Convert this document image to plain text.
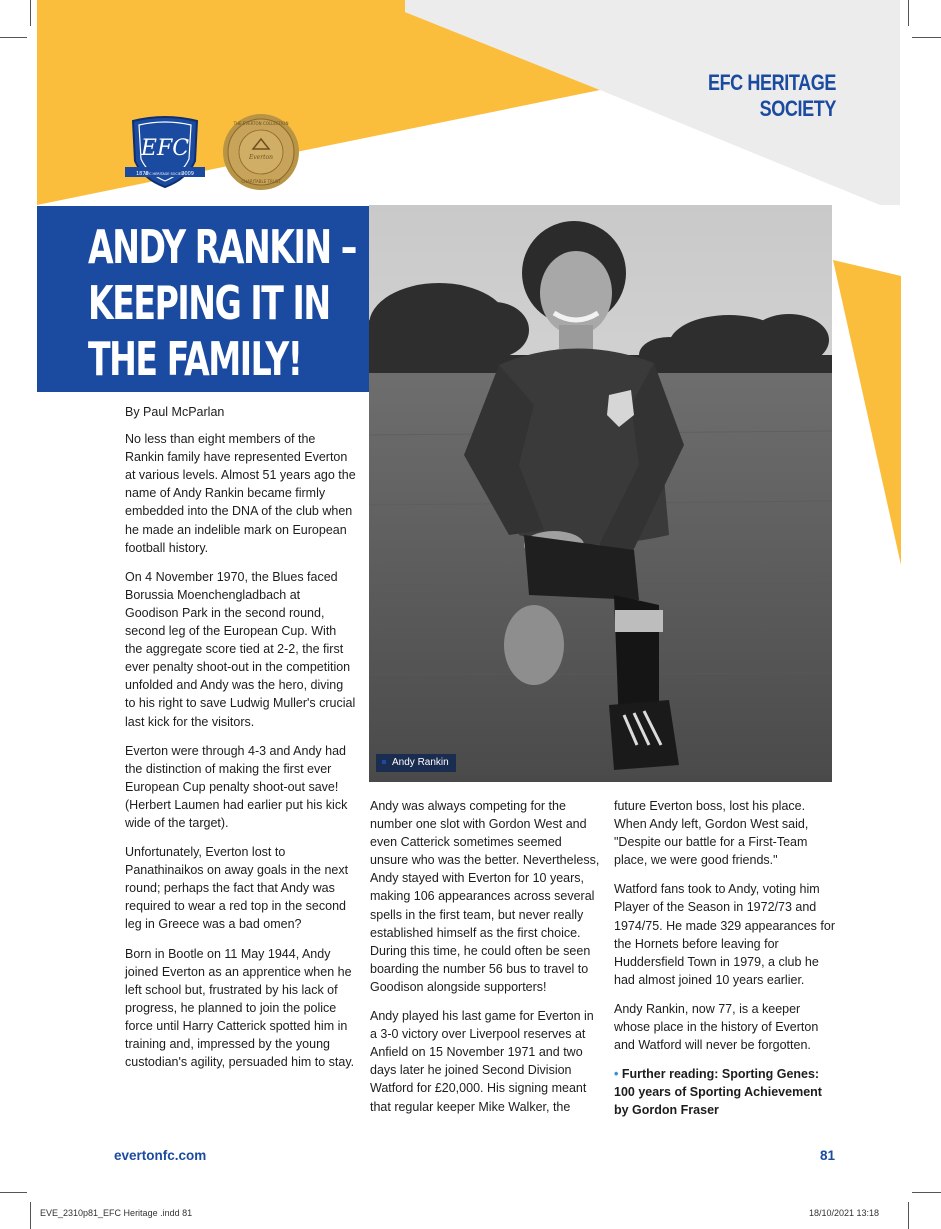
EFC HERITAGE SOCIETY
EFC
1878	2009
EFC HERITAGE SOCIETY
Everton
THE EVERTON COLLECTION
CHARITABLE TRUST
ANDY RANKIN –
KEEPING IT IN
THE FAMILY!
Andy Rankin

By Paul McParlan

No less than eight members of the Rankin family have represented Everton at various levels. Almost 51 years ago the name of Andy Rankin became firmly embedded into the DNA of the club when he made an indelible mark on European football history.

On 4 November 1970, the Blues faced Borussia Moenchengladbach at Goodison Park in the second round, second leg of the European Cup. With the aggregate score tied at 2-2, the first ever penalty shoot-out in the competition unfolded and Andy was the hero, diving to his right to save Ludwig Muller's crucial last kick for the visitors.

Everton were through 4-3 and Andy had the distinction of making the first ever European Cup penalty shoot-out save! (Herbert Laumen had earlier put his kick wide of the target).

Unfortunately, Everton lost to Panathinaikos on away goals in the next round; perhaps the fact that Andy was required to wear a red top in the second leg in Greece was a bad omen?

Born in Bootle on 11 May 1944, Andy joined Everton as an apprentice when he left school but, frustrated by his lack of progress, he planned to join the police force until Harry Catterick spotted him in training and, impressed by the young custodian's agility, persuaded him to stay.

Andy was always competing for the number one slot with Gordon West and even Catterick sometimes seemed unsure who was the better. Nevertheless, Andy stayed with Everton for 10 years, making 106 appearances across several spells in the first team, but never really established himself as the first choice. During this time, he could often be seen boarding the number 56 bus to travel to Goodison alongside supporters!

Andy played his last game for Everton in a 3-0 victory over Liverpool reserves at Anfield on 15 November 1971 and two days later he joined Second Division Watford for £20,000. His signing meant that regular keeper Mike Walker, the

future Everton boss, lost his place. When Andy left, Gordon West said, "Despite our battle for a First-Team place, we were good friends."

Watford fans took to Andy, voting him Player of the Season in 1972/73 and 1974/75. He made 329 appearances for the Hornets before leaving for Huddersfield Town in 1979, a club he had almost joined 10 years earlier.

Andy Rankin, now 77, is a keeper whose place in the history of Everton and Watford will never be forgotten.

• Further reading: Sporting Genes: 100 years of Sporting Achievement by Gordon Fraser

evertonfc.com	81
EVE_2310p81_EFC Heritage .indd 81	18/10/2021 13:18
